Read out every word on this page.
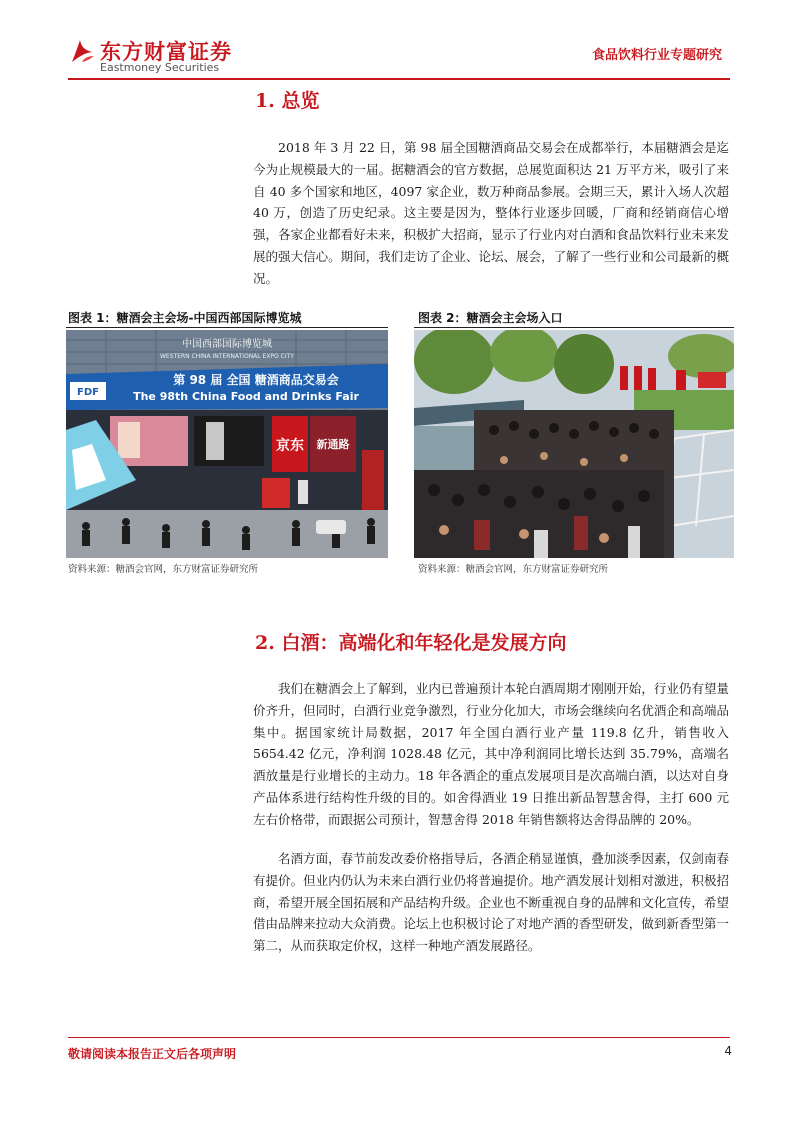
东方财富证券
Eastmoney Securities
食品饮料行业专题研究
1. 总览

2018 年 3 月 22 日，第 98 届全国糖酒商品交易会在成都举行，本届糖酒会是迄今为止规模最大的一届。据糖酒会的官方数据，总展览面积达 21 万平方米，吸引了来自 40 多个国家和地区，4097 家企业，数万种商品参展。会期三天，累计入场人次超 40 万，创造了历史纪录。这主要是因为，整体行业逐步回暖，厂商和经销商信心增强，各家企业都看好未来，积极扩大招商，显示了行业内对白酒和食品饮料行业未来发展的强大信心。期间，我们走访了企业、论坛、展会，了解了一些行业和公司最新的概况。

图表 1：糖酒会主会场-中国西部国际博览城
中国西部国际博览城
WESTERN CHINA INTERNATIONAL EXPO CITY
FDF
第 98 届 全国 糖酒商品交易会
The 98th China Food and Drinks Fair
京东 新通路
资料来源：糖酒会官网，东方财富证券研究所
图表 2：糖酒会主会场入口
资料来源：糖酒会官网，东方财富证券研究所
2. 白酒：高端化和年轻化是发展方向

我们在糖酒会上了解到，业内已普遍预计本轮白酒周期才刚刚开始，行业仍有望量价齐升，但同时，白酒行业竞争激烈，行业分化加大，市场会继续向名优酒企和高端品集中。据国家统计局数据，2017 年全国白酒行业产量 119.8 亿升，销售收入 5654.42 亿元，净利润 1028.48 亿元，其中净利润同比增长达到 35.79%，高端名酒放量是行业增长的主动力。18 年各酒企的重点发展项目是次高端白酒，以达对自身产品体系进行结构性升级的目的。如舍得酒业 19 日推出新品智慧舍得，主打 600 元左右价格带，而跟据公司预计，智慧舍得 2018 年销售额将达舍得品牌的 20%。

名酒方面，春节前发改委价格指导后，各酒企稍显谨慎，叠加淡季因素，仅剑南春有提价。但业内仍认为未来白酒行业仍将普遍提价。地产酒发展计划相对激进，积极招商，希望开展全国拓展和产品结构升级。企业也不断重视自身的品牌和文化宣传，希望借由品牌来拉动大众消费。论坛上也积极讨论了对地产酒的香型研发，做到新香型第一第二，从而获取定价权，这样一种地产酒发展路径。

敬请阅读本报告正文后各项声明	4
